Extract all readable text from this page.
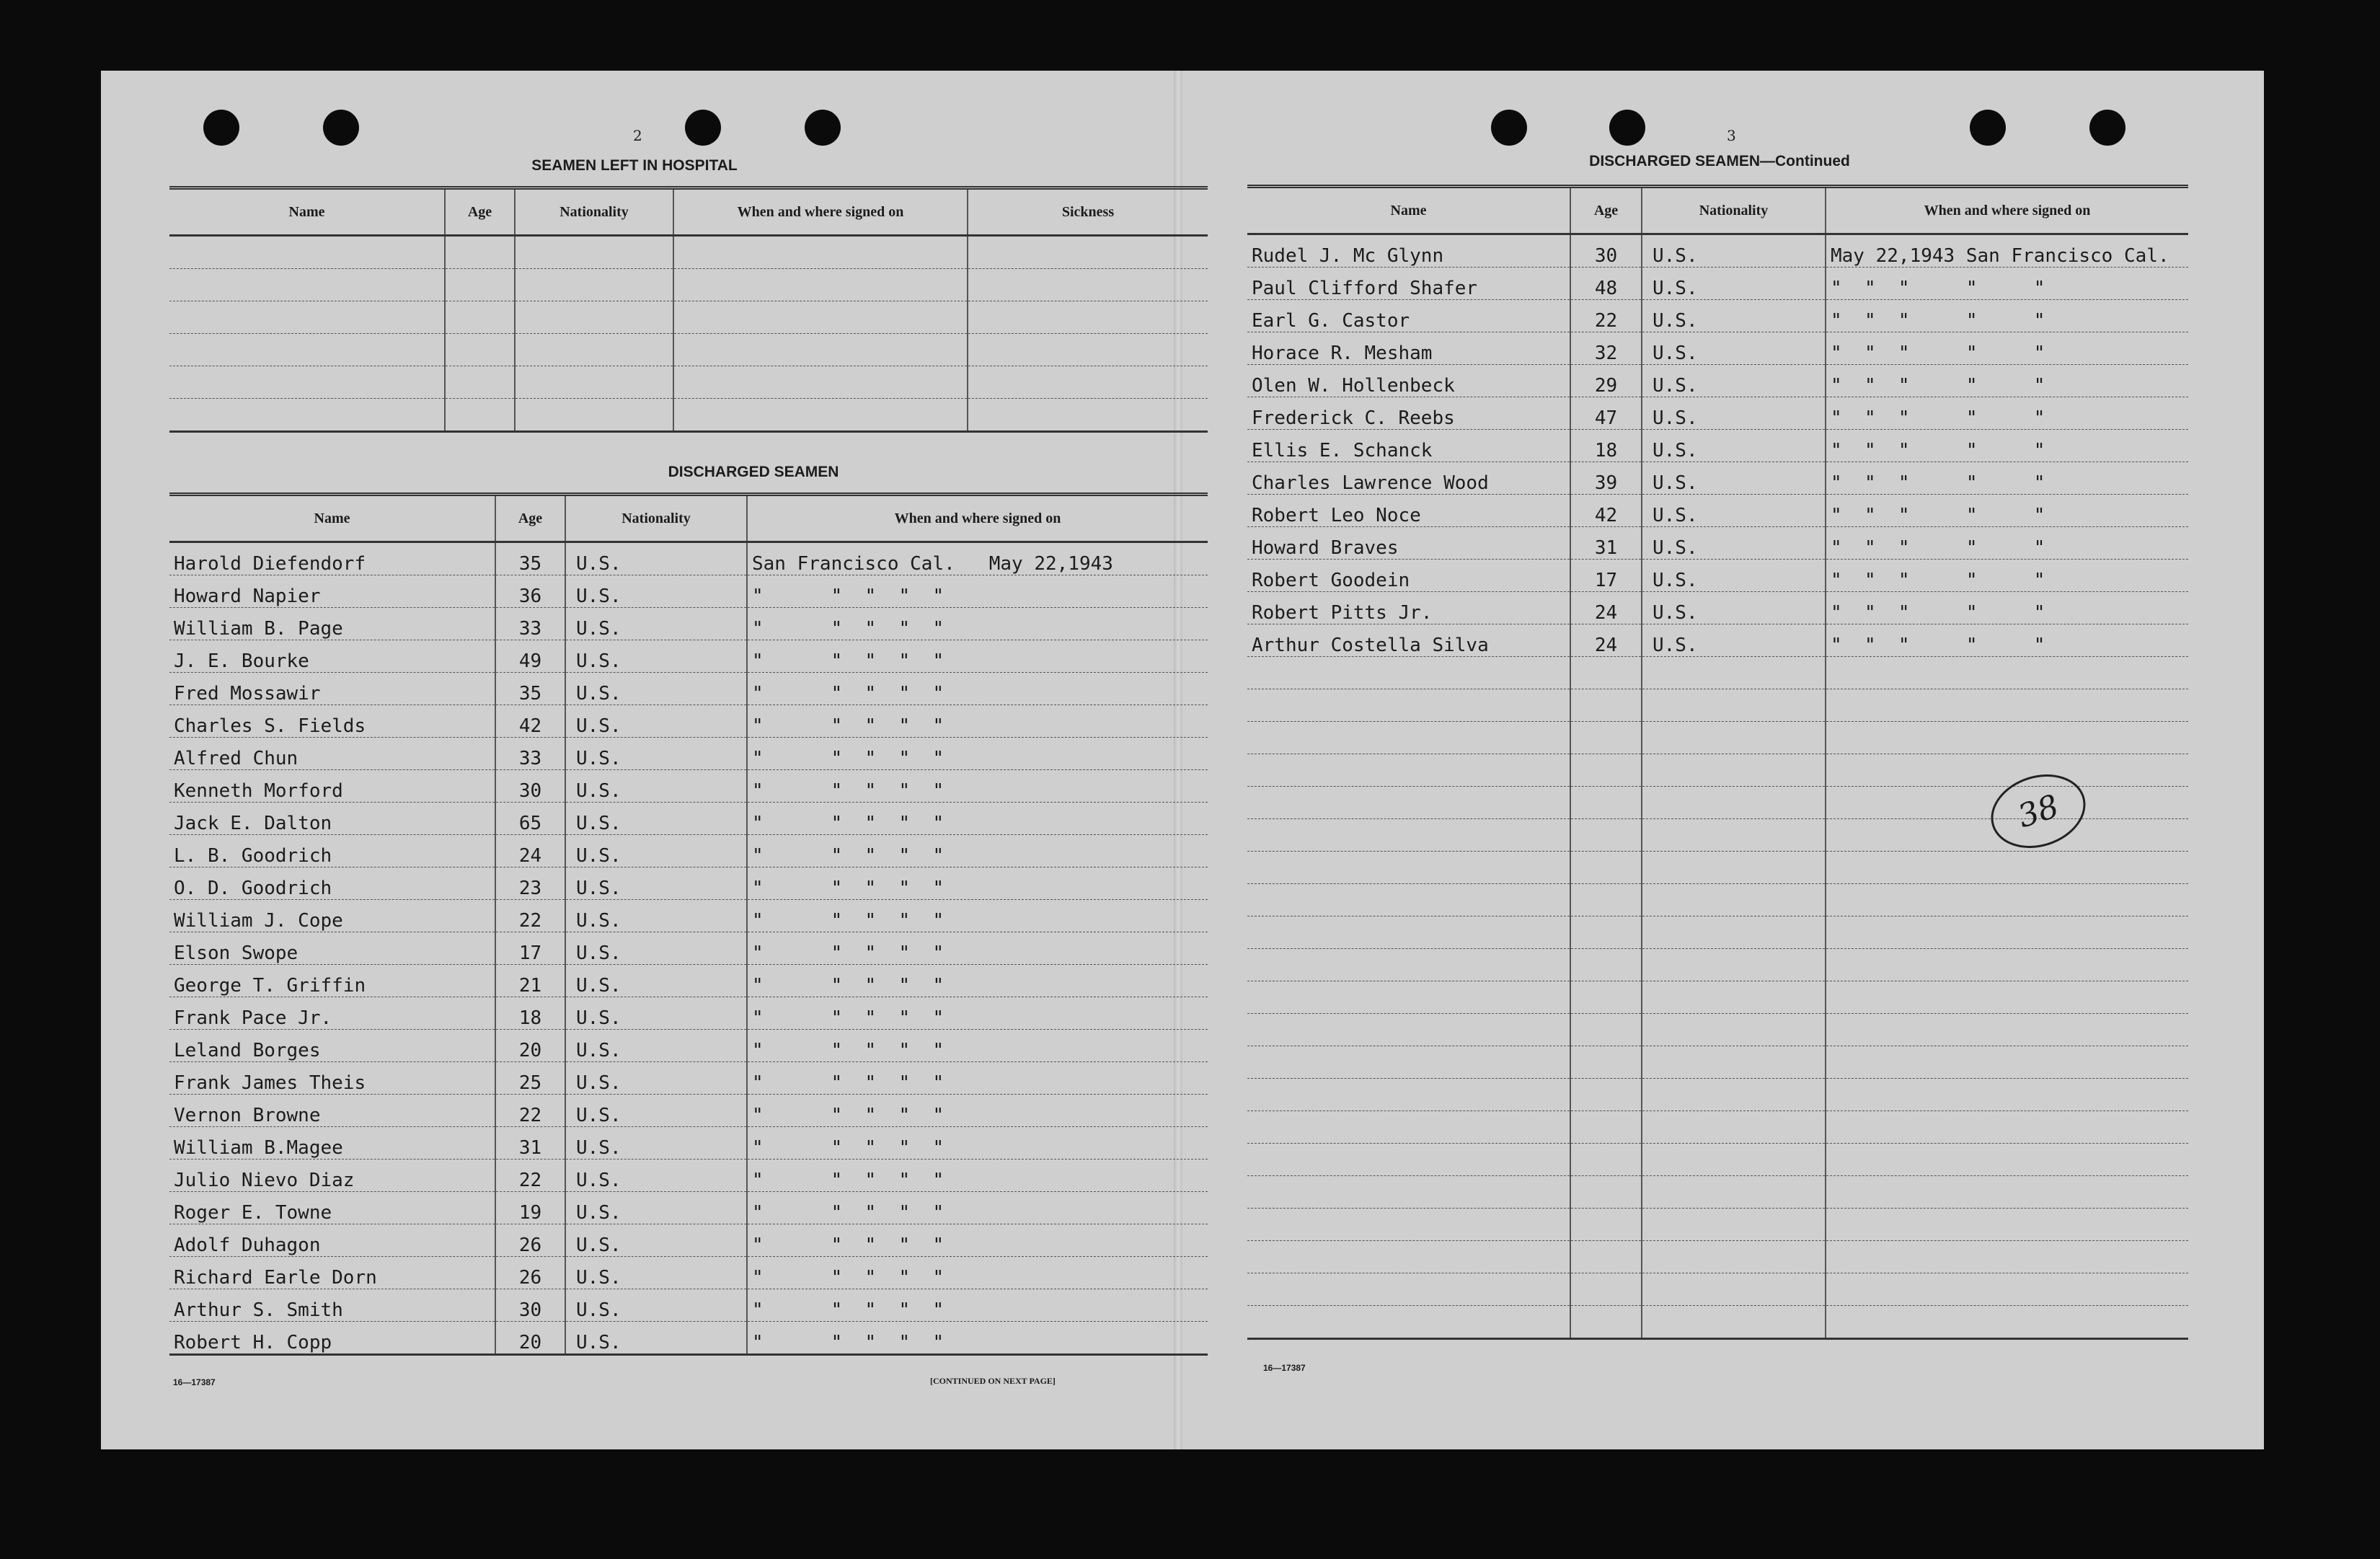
2
SEAMEN LEFT IN HOSPITAL
Name	Age	Nationality	When and where signed on	Sickness

DISCHARGED SEAMEN
Name	Age	Nationality	When and where signed on
Harold Diefendorf	35	U.S.	San Francisco Cal.   May 22,1943
Howard Napier	36	U.S.	"      "  "  "  "
William B. Page	33	U.S.	"      "  "  "  "
J. E. Bourke	49	U.S.	"      "  "  "  "
Fred Mossawir	35	U.S.	"      "  "  "  "
Charles S. Fields	42	U.S.	"      "  "  "  "
Alfred Chun	33	U.S.	"      "  "  "  "
Kenneth Morford	30	U.S.	"      "  "  "  "
Jack E. Dalton	65	U.S.	"      "  "  "  "
L. B. Goodrich	24	U.S.	"      "  "  "  "
O. D. Goodrich	23	U.S.	"      "  "  "  "
William J. Cope	22	U.S.	"      "  "  "  "
Elson Swope	17	U.S.	"      "  "  "  "
George T. Griffin	21	U.S.	"      "  "  "  "
Frank Pace Jr.	18	U.S.	"      "  "  "  "
Leland Borges	20	U.S.	"      "  "  "  "
Frank James Theis	25	U.S.	"      "  "  "  "
Vernon Browne	22	U.S.	"      "  "  "  "
William B.Magee	31	U.S.	"      "  "  "  "
Julio Nievo Diaz	22	U.S.	"      "  "  "  "
Roger E. Towne	19	U.S.	"      "  "  "  "
Adolf Duhagon	26	U.S.	"      "  "  "  "
Richard Earle Dorn	26	U.S.	"      "  "  "  "
Arthur S. Smith	30	U.S.	"      "  "  "  "
Robert H. Copp	20	U.S.	"      "  "  "  "
16—17387	[CONTINUED ON NEXT PAGE]
3
DISCHARGED SEAMEN—Continued
Name	Age	Nationality	When and where signed on
Rudel J. Mc Glynn	30	U.S.	May 22,1943 San Francisco Cal.
Paul Clifford Shafer	48	U.S.	"  "  "     "     "
Earl G. Castor	22	U.S.	"  "  "     "     "
Horace R. Mesham	32	U.S.	"  "  "     "     "
Olen W. Hollenbeck	29	U.S.	"  "  "     "     "
Frederick C. Reebs	47	U.S.	"  "  "     "     "
Ellis E. Schanck	18	U.S.	"  "  "     "     "
Charles Lawrence Wood	39	U.S.	"  "  "     "     "
Robert Leo Noce	42	U.S.	"  "  "     "     "
Howard Braves	31	U.S.	"  "  "     "     "
Robert Goodein	17	U.S.	"  "  "     "     "
Robert Pitts Jr.	24	U.S.	"  "  "     "     "
Arthur Costella Silva	24	U.S.	"  "  "     "     "

38
16—17387
